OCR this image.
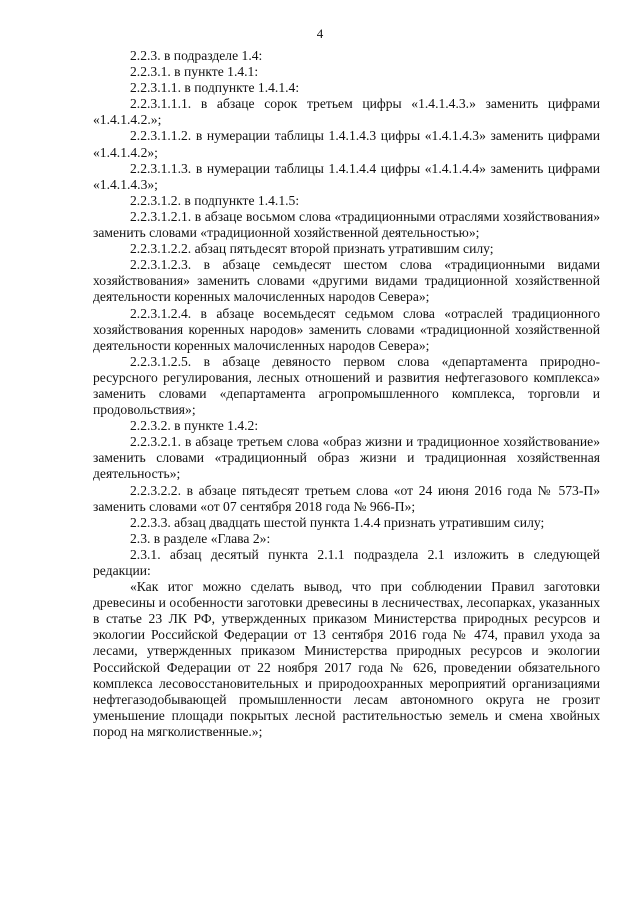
4

2.2.3. в подразделе 1.4:

2.2.3.1. в пункте 1.4.1:

2.2.3.1.1. в подпункте 1.4.1.4:

2.2.3.1.1.1. в абзаце сорок третьем цифры «1.4.1.4.3.» заменить цифрами «1.4.1.4.2.»;

2.2.3.1.1.2. в нумерации таблицы 1.4.1.4.3 цифры «1.4.1.4.3» заменить цифрами «1.4.1.4.2»;

2.2.3.1.1.3. в нумерации таблицы 1.4.1.4.4 цифры «1.4.1.4.4» заменить цифрами «1.4.1.4.3»;

2.2.3.1.2. в подпункте 1.4.1.5:

2.2.3.1.2.1. в абзаце восьмом слова «традиционными отраслями хозяйствования» заменить словами «традиционной хозяйственной деятельностью»;

2.2.3.1.2.2. абзац пятьдесят второй признать утратившим силу;

2.2.3.1.2.3. в абзаце семьдесят шестом слова «традиционными видами хозяйствования» заменить словами «другими видами традиционной хозяйственной деятельности коренных малочисленных народов Севера»;

2.2.3.1.2.4. в абзаце восемьдесят седьмом слова «отраслей традиционного хозяйствования коренных народов» заменить словами «традиционной хозяйственной деятельности коренных малочисленных народов Севера»;

2.2.3.1.2.5. в абзаце девяносто первом слова «департамента природно-ресурсного регулирования, лесных отношений и развития нефтегазового комплекса» заменить словами «департамента агропромышленного комплекса, торговли и продовольствия»;

2.2.3.2. в пункте 1.4.2:

2.2.3.2.1. в абзаце третьем слова «образ жизни и традиционное хозяйствование» заменить словами «традиционный образ жизни и традиционная хозяйственная деятельность»;

2.2.3.2.2. в абзаце пятьдесят третьем слова «от 24 июня 2016 года № 573-П» заменить словами «от 07 сентября 2018 года № 966-П»;

2.2.3.3. абзац двадцать шестой пункта 1.4.4 признать утратившим силу;

2.3. в разделе «Глава 2»:

2.3.1. абзац десятый пункта 2.1.1 подраздела 2.1 изложить в следующей редакции:

«Как итог можно сделать вывод, что при соблюдении Правил заготовки древесины и особенности заготовки древесины в лесничествах, лесопарках, указанных в статье 23 ЛК РФ, утвержденных приказом Министерства природных ресурсов и экологии Российской Федерации от 13 сентября 2016 года № 474, правил ухода за лесами, утвержденных приказом Министерства природных ресурсов и экологии Российской Федерации от 22 ноября 2017 года № 626, проведении обязательного комплекса лесовосстановительных и природоохранных мероприятий организациями нефтегазодобывающей промышленности лесам автономного округа не грозит уменьшение площади покрытых лесной растительностью земель и смена хвойных пород на мягколиственные.»;
